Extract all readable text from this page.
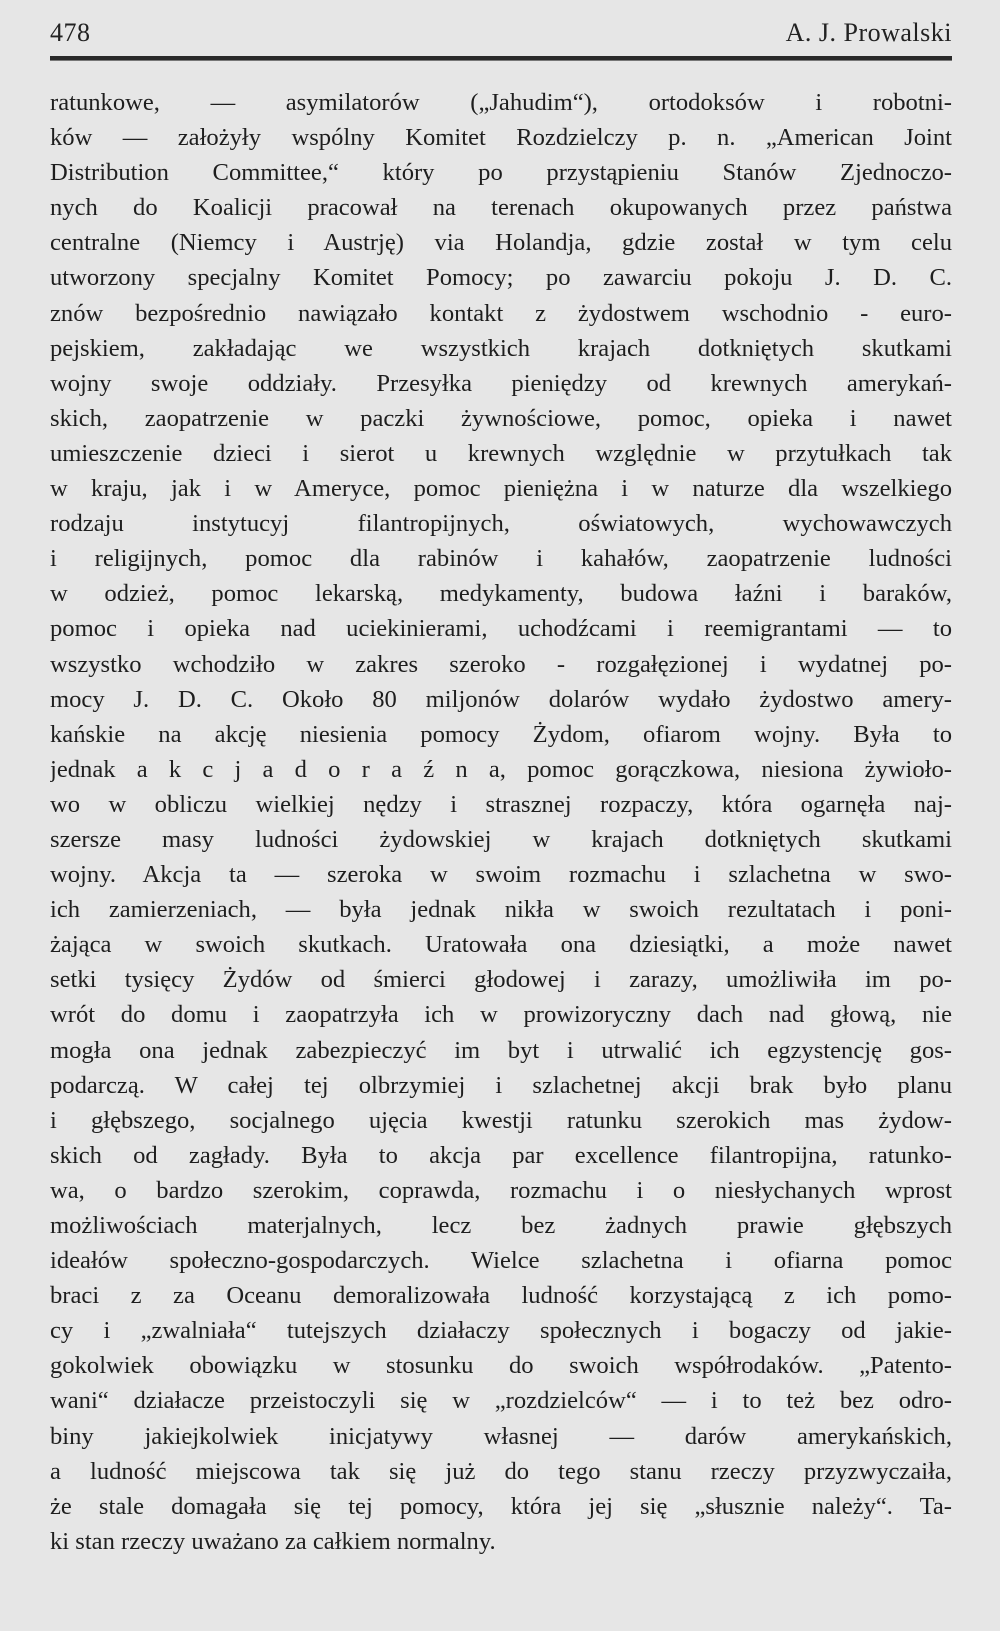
478	A. J. Prowalski
ratunkowe, — asymilatorów („Jahudim“), ortodoksów i robotni-
ków — założyły wspólny Komitet Rozdzielczy p. n. „American Joint
Distribution Committee,“ który po przystąpieniu Stanów Zjednoczo-
nych do Koalicji pracował na terenach okupowanych przez państwa
centralne (Niemcy i Austrję) via Holandja, gdzie został w tym celu
utworzony specjalny Komitet Pomocy; po zawarciu pokoju J. D. C.
znów bezpośrednio nawiązało kontakt z żydostwem wschodnio - euro-
pejskiem, zakładając we wszystkich krajach dotkniętych skutkami
wojny swoje oddziały. Przesyłka pieniędzy od krewnych amerykań-
skich, zaopatrzenie w paczki żywnościowe, pomoc, opieka i nawet
umieszczenie dzieci i sierot u krewnych względnie w przytułkach tak
w kraju, jak i w Ameryce, pomoc pieniężna i w naturze dla wszelkiego
rodzaju instytucyj filantropijnych, oświatowych, wychowawczych
i religijnych, pomoc dla rabinów i kahałów, zaopatrzenie ludności
w odzież, pomoc lekarską, medykamenty, budowa łaźni i baraków,
pomoc i opieka nad uciekinierami, uchodźcami i reemigrantami — to
wszystko wchodziło w zakres szeroko - rozgałęzionej i wydatnej po-
mocy J. D. C. Około 80 miljonów dolarów wydało żydostwo amery-
kańskie na akcję niesienia pomocy Żydom, ofiarom wojny. Była to
jednak a k c j a d o r a ź n a, pomoc gorączkowa, niesiona żywioło-
wo w obliczu wielkiej nędzy i strasznej rozpaczy, która ogarnęła naj-
szersze masy ludności żydowskiej w krajach dotkniętych skutkami
wojny. Akcja ta — szeroka w swoim rozmachu i szlachetna w swo-
ich zamierzeniach, — była jednak nikła w swoich rezultatach i poni-
żająca w swoich skutkach. Uratowała ona dziesiątki, a może nawet
setki tysięcy Żydów od śmierci głodowej i zarazy, umożliwiła im po-
wrót do domu i zaopatrzyła ich w prowizoryczny dach nad głową, nie
mogła ona jednak zabezpieczyć im byt i utrwalić ich egzystencję gos-
podarczą. W całej tej olbrzymiej i szlachetnej akcji brak było planu
i głębszego, socjalnego ujęcia kwestji ratunku szerokich mas żydow-
skich od zagłady. Była to akcja par excellence filantropijna, ratunko-
wa, o bardzo szerokim, coprawda, rozmachu i o niesłychanych wprost
możliwościach materjalnych, lecz bez żadnych prawie głębszych
ideałów społeczno-gospodarczych. Wielce szlachetna i ofiarna pomoc
braci z za Oceanu demoralizowała ludność korzystającą z ich pomo-
cy i „zwalniała“ tutejszych działaczy społecznych i bogaczy od jakie-
gokolwiek obowiązku w stosunku do swoich współrodaków. „Patento-
wani“ działacze przeistoczyli się w „rozdzielców“ — i to też bez odro-
biny jakiejkolwiek inicjatywy własnej — darów amerykańskich,
a ludność miejscowa tak się już do tego stanu rzeczy przyzwyczaiła,
że stale domagała się tej pomocy, która jej się „słusznie należy“. Ta-
ki stan rzeczy uważano za całkiem normalny.
